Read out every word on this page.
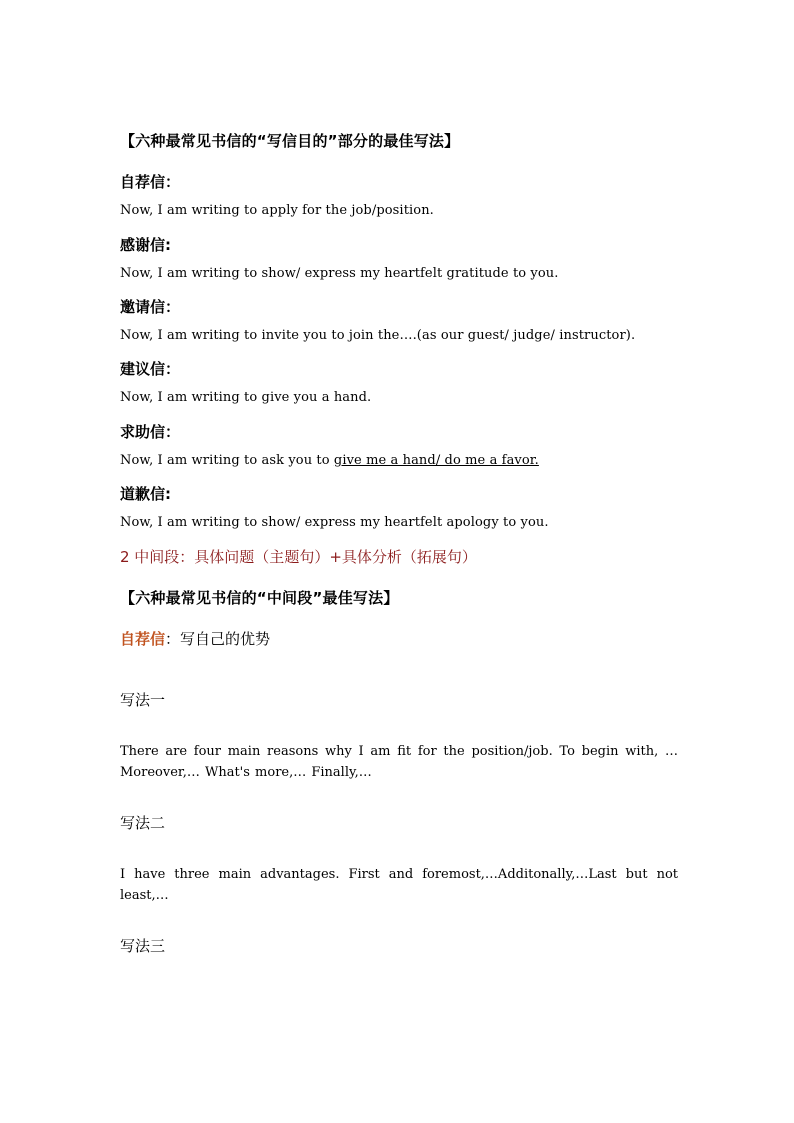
【六种最常见书信的“写信目的”部分的最佳写法】
自荐信：
Now, I am writing to apply for the job/position.
感谢信:
Now, I am writing to show/ express my heartfelt gratitude to you.
邀请信：
Now, I am writing to invite you to join the….(as our guest/ judge/ instructor).
建议信：
Now, I am writing to give you a hand.
求助信：
Now, I am writing to ask you to give me a hand/ do me a favor.
道歉信:
Now, I am writing to show/ express my heartfelt apology to you.
2 中间段：具体问题（主题句）+具体分析（拓展句）
【六种最常见书信的“中间段”最佳写法】
自荐信：写自己的优势
写法一
There are four main reasons why I am fit for the position/job. To begin with, …Moreover,… What's more,… Finally,…
写法二
I have three main advantages. First and foremost,…Additonally,…Last but not least,…
写法三
